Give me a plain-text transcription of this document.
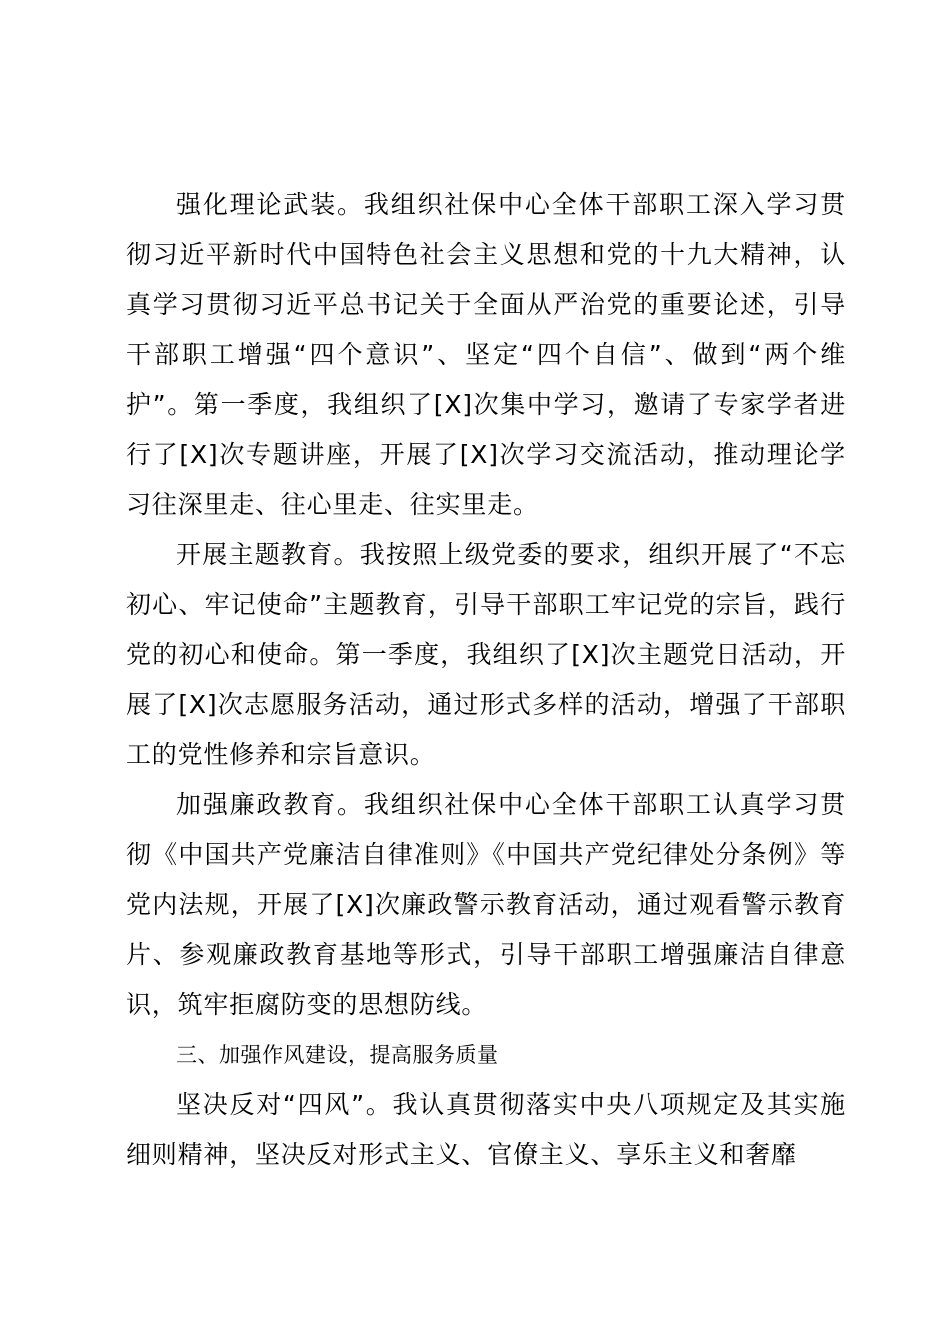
强化理论武装。我组织社保中心全体干部职工深入学习贯彻习近平新时代中国特色社会主义思想和党的十九大精神，认真学习贯彻习近平总书记关于全面从严治党的重要论述，引导干部职工增强“四个意识”、坚定“四个自信”、做到“两个维护”。第一季度，我组织了[X]次集中学习，邀请了专家学者进行了[X]次专题讲座，开展了[X]次学习交流活动，推动理论学习往深里走、往心里走、往实里走。

开展主题教育。我按照上级党委的要求，组织开展了“不忘初心、牢记使命”主题教育，引导干部职工牢记党的宗旨，践行党的初心和使命。第一季度，我组织了[X]次主题党日活动，开展了[X]次志愿服务活动，通过形式多样的活动，增强了干部职工的党性修养和宗旨意识。

加强廉政教育。我组织社保中心全体干部职工认真学习贯彻《中国共产党廉洁自律准则》《中国共产党纪律处分条例》等党内法规，开展了[X]次廉政警示教育活动，通过观看警示教育片、参观廉政教育基地等形式，引导干部职工增强廉洁自律意识，筑牢拒腐防变的思想防线。

三、加强作风建设，提高服务质量

坚决反对“四风”。我认真贯彻落实中央八项规定及其实施细则精神，坚决反对形式主义、官僚主义、享乐主义和奢靡
